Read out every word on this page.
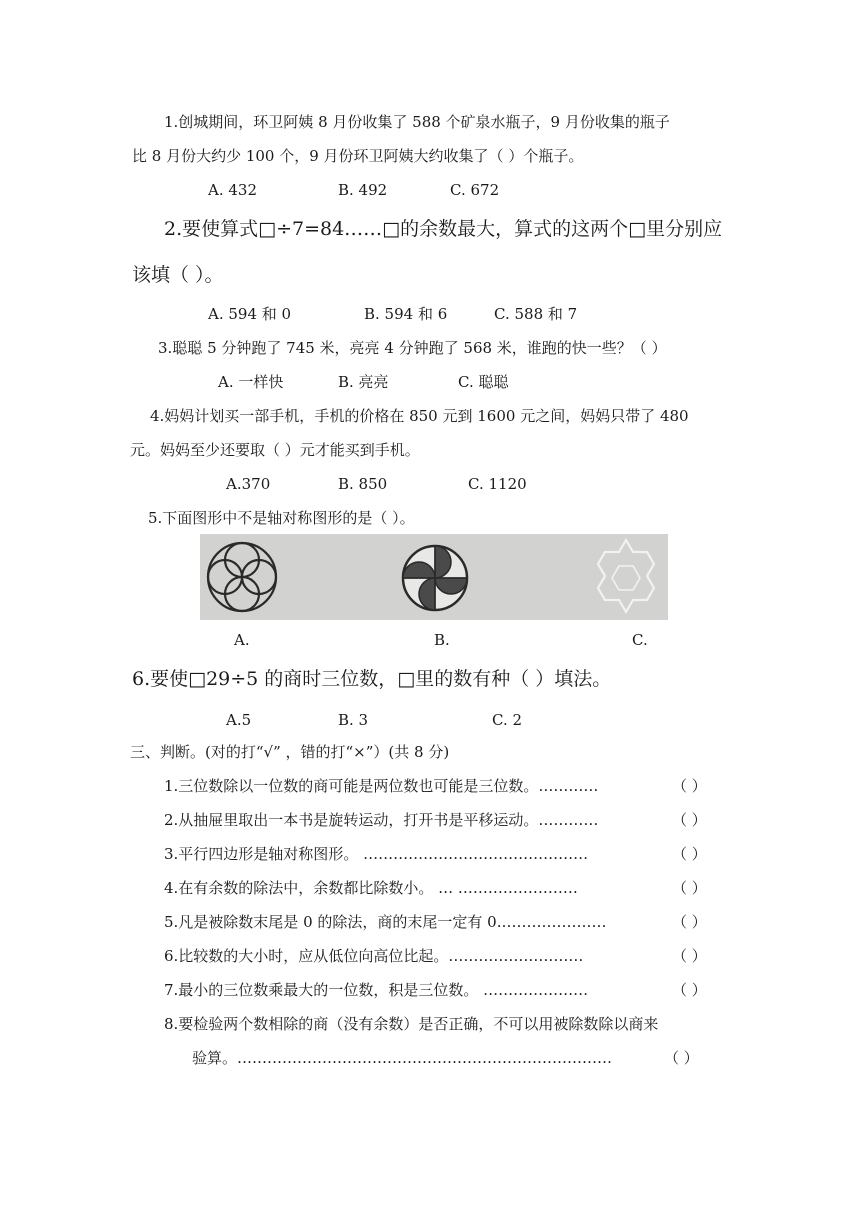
1.创城期间，环卫阿姨 8 月份收集了 588 个矿泉水瓶子，9 月份收集的瓶子
比 8 月份大约少 100 个，9 月份环卫阿姨大约收集了（ ）个瓶子。
A. 432	B. 492	C. 672
2.要使算式□÷7=84……□的余数最大，算式的这两个□里分别应
该填（ ）。
A. 594 和 0	B. 594 和 6	C. 588 和 7
3.聪聪 5 分钟跑了 745 米，亮亮 4 分钟跑了 568 米，谁跑的快一些？（ ）
A. 一样快	B. 亮亮	C. 聪聪
4.妈妈计划买一部手机，手机的价格在 850 元到 1600 元之间，妈妈只带了 480
元。妈妈至少还要取（ ）元才能买到手机。
A.370	B. 850	C. 1120
5.下面图形中不是轴对称图形的是（ ）。
A.	B.	C.
6.要使□29÷5 的商时三位数，□里的数有种（ ）填法。
A.5	B. 3	C. 2
三、判断。(对的打“√” ，错的打“×”）(共 8 分)
1.三位数除以一位数的商可能是两位数也可能是三位数。…………	（ ）
2.从抽屉里取出一本书是旋转运动，打开书是平移运动。…………	（ ）
3.平行四边形是轴对称图形。 ………………………………………	（ ）
4.在有余数的除法中，余数都比除数小。 … ……………………	（ ）
5.凡是被除数末尾是 0 的除法，商的末尾一定有 0.…………………	（ ）
6.比较数的大小时，应从低位向高位比起。………………………	（ ）
7.最小的三位数乘最大的一位数，积是三位数。 …………………	（ ）
8.要检验两个数相除的商（没有余数）是否正确，不可以用被除数除以商来
验算。…………………………………………………………………	（ ）
